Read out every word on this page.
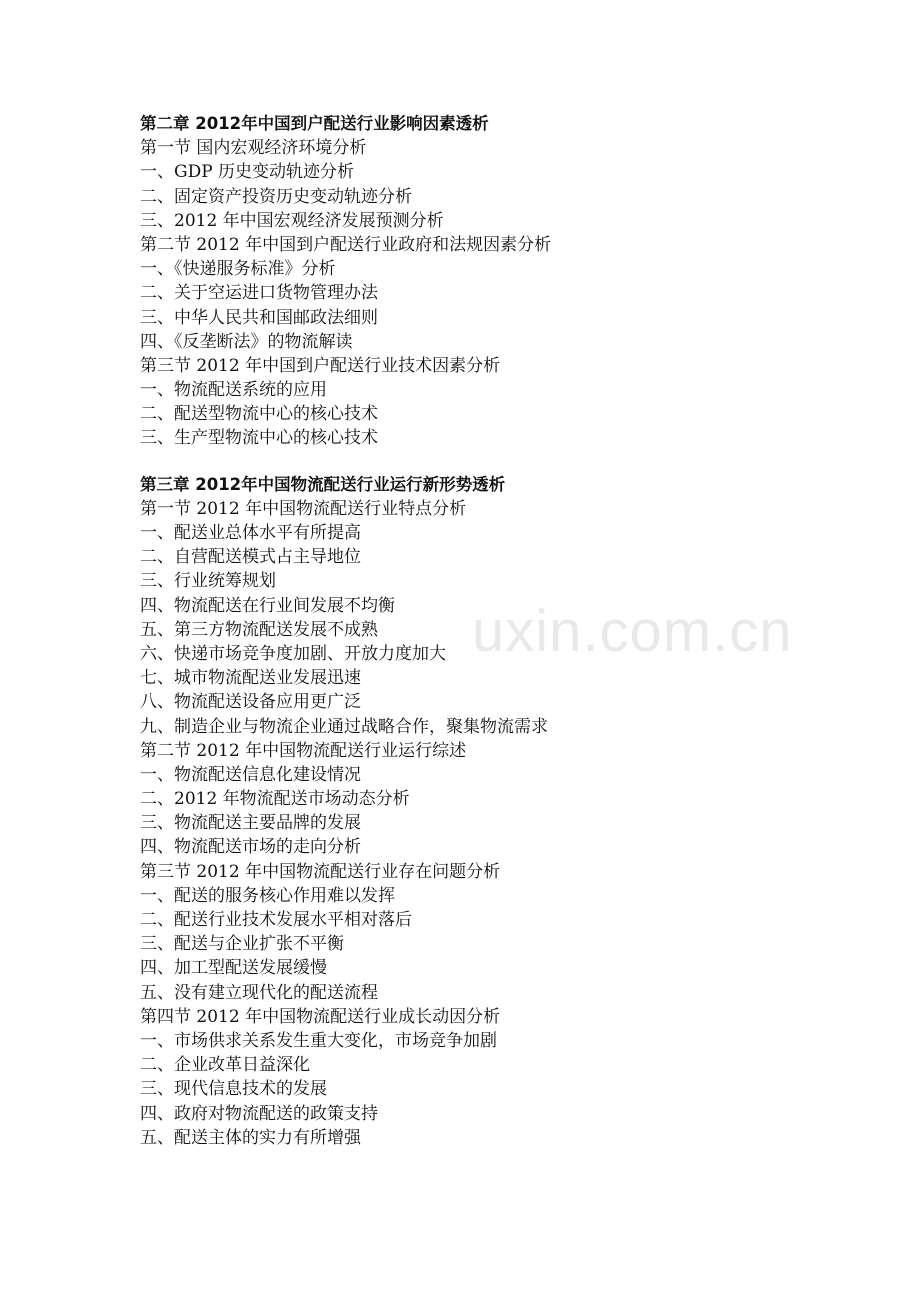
uxin.com.cn
第二章 2012年中国到户配送行业影响因素透析
第一节 国内宏观经济环境分析
一、GDP 历史变动轨迹分析
二、固定资产投资历史变动轨迹分析
三、2012 年中国宏观经济发展预测分析
第二节 2012 年中国到户配送行业政府和法规因素分析
一、《快递服务标准》分析
二、关于空运进口货物管理办法
三、中华人民共和国邮政法细则
四、《反垄断法》的物流解读
第三节 2012 年中国到户配送行业技术因素分析
一、物流配送系统的应用
二、配送型物流中心的核心技术
三、生产型物流中心的核心技术
第三章 2012年中国物流配送行业运行新形势透析
第一节 2012 年中国物流配送行业特点分析
一、配送业总体水平有所提高
二、自营配送模式占主导地位
三、行业统筹规划
四、物流配送在行业间发展不均衡
五、第三方物流配送发展不成熟
六、快递市场竞争度加剧、开放力度加大
七、城市物流配送业发展迅速
八、物流配送设备应用更广泛
九、制造企业与物流企业通过战略合作，聚集物流需求
第二节 2012 年中国物流配送行业运行综述
一、物流配送信息化建设情况
二、2012 年物流配送市场动态分析
三、物流配送主要品牌的发展
四、物流配送市场的走向分析
第三节 2012 年中国物流配送行业存在问题分析
一、配送的服务核心作用难以发挥
二、配送行业技术发展水平相对落后
三、配送与企业扩张不平衡
四、加工型配送发展缓慢
五、没有建立现代化的配送流程
第四节 2012 年中国物流配送行业成长动因分析
一、市场供求关系发生重大变化，市场竞争加剧
二、企业改革日益深化
三、现代信息技术的发展
四、政府对物流配送的政策支持
五、配送主体的实力有所增强
